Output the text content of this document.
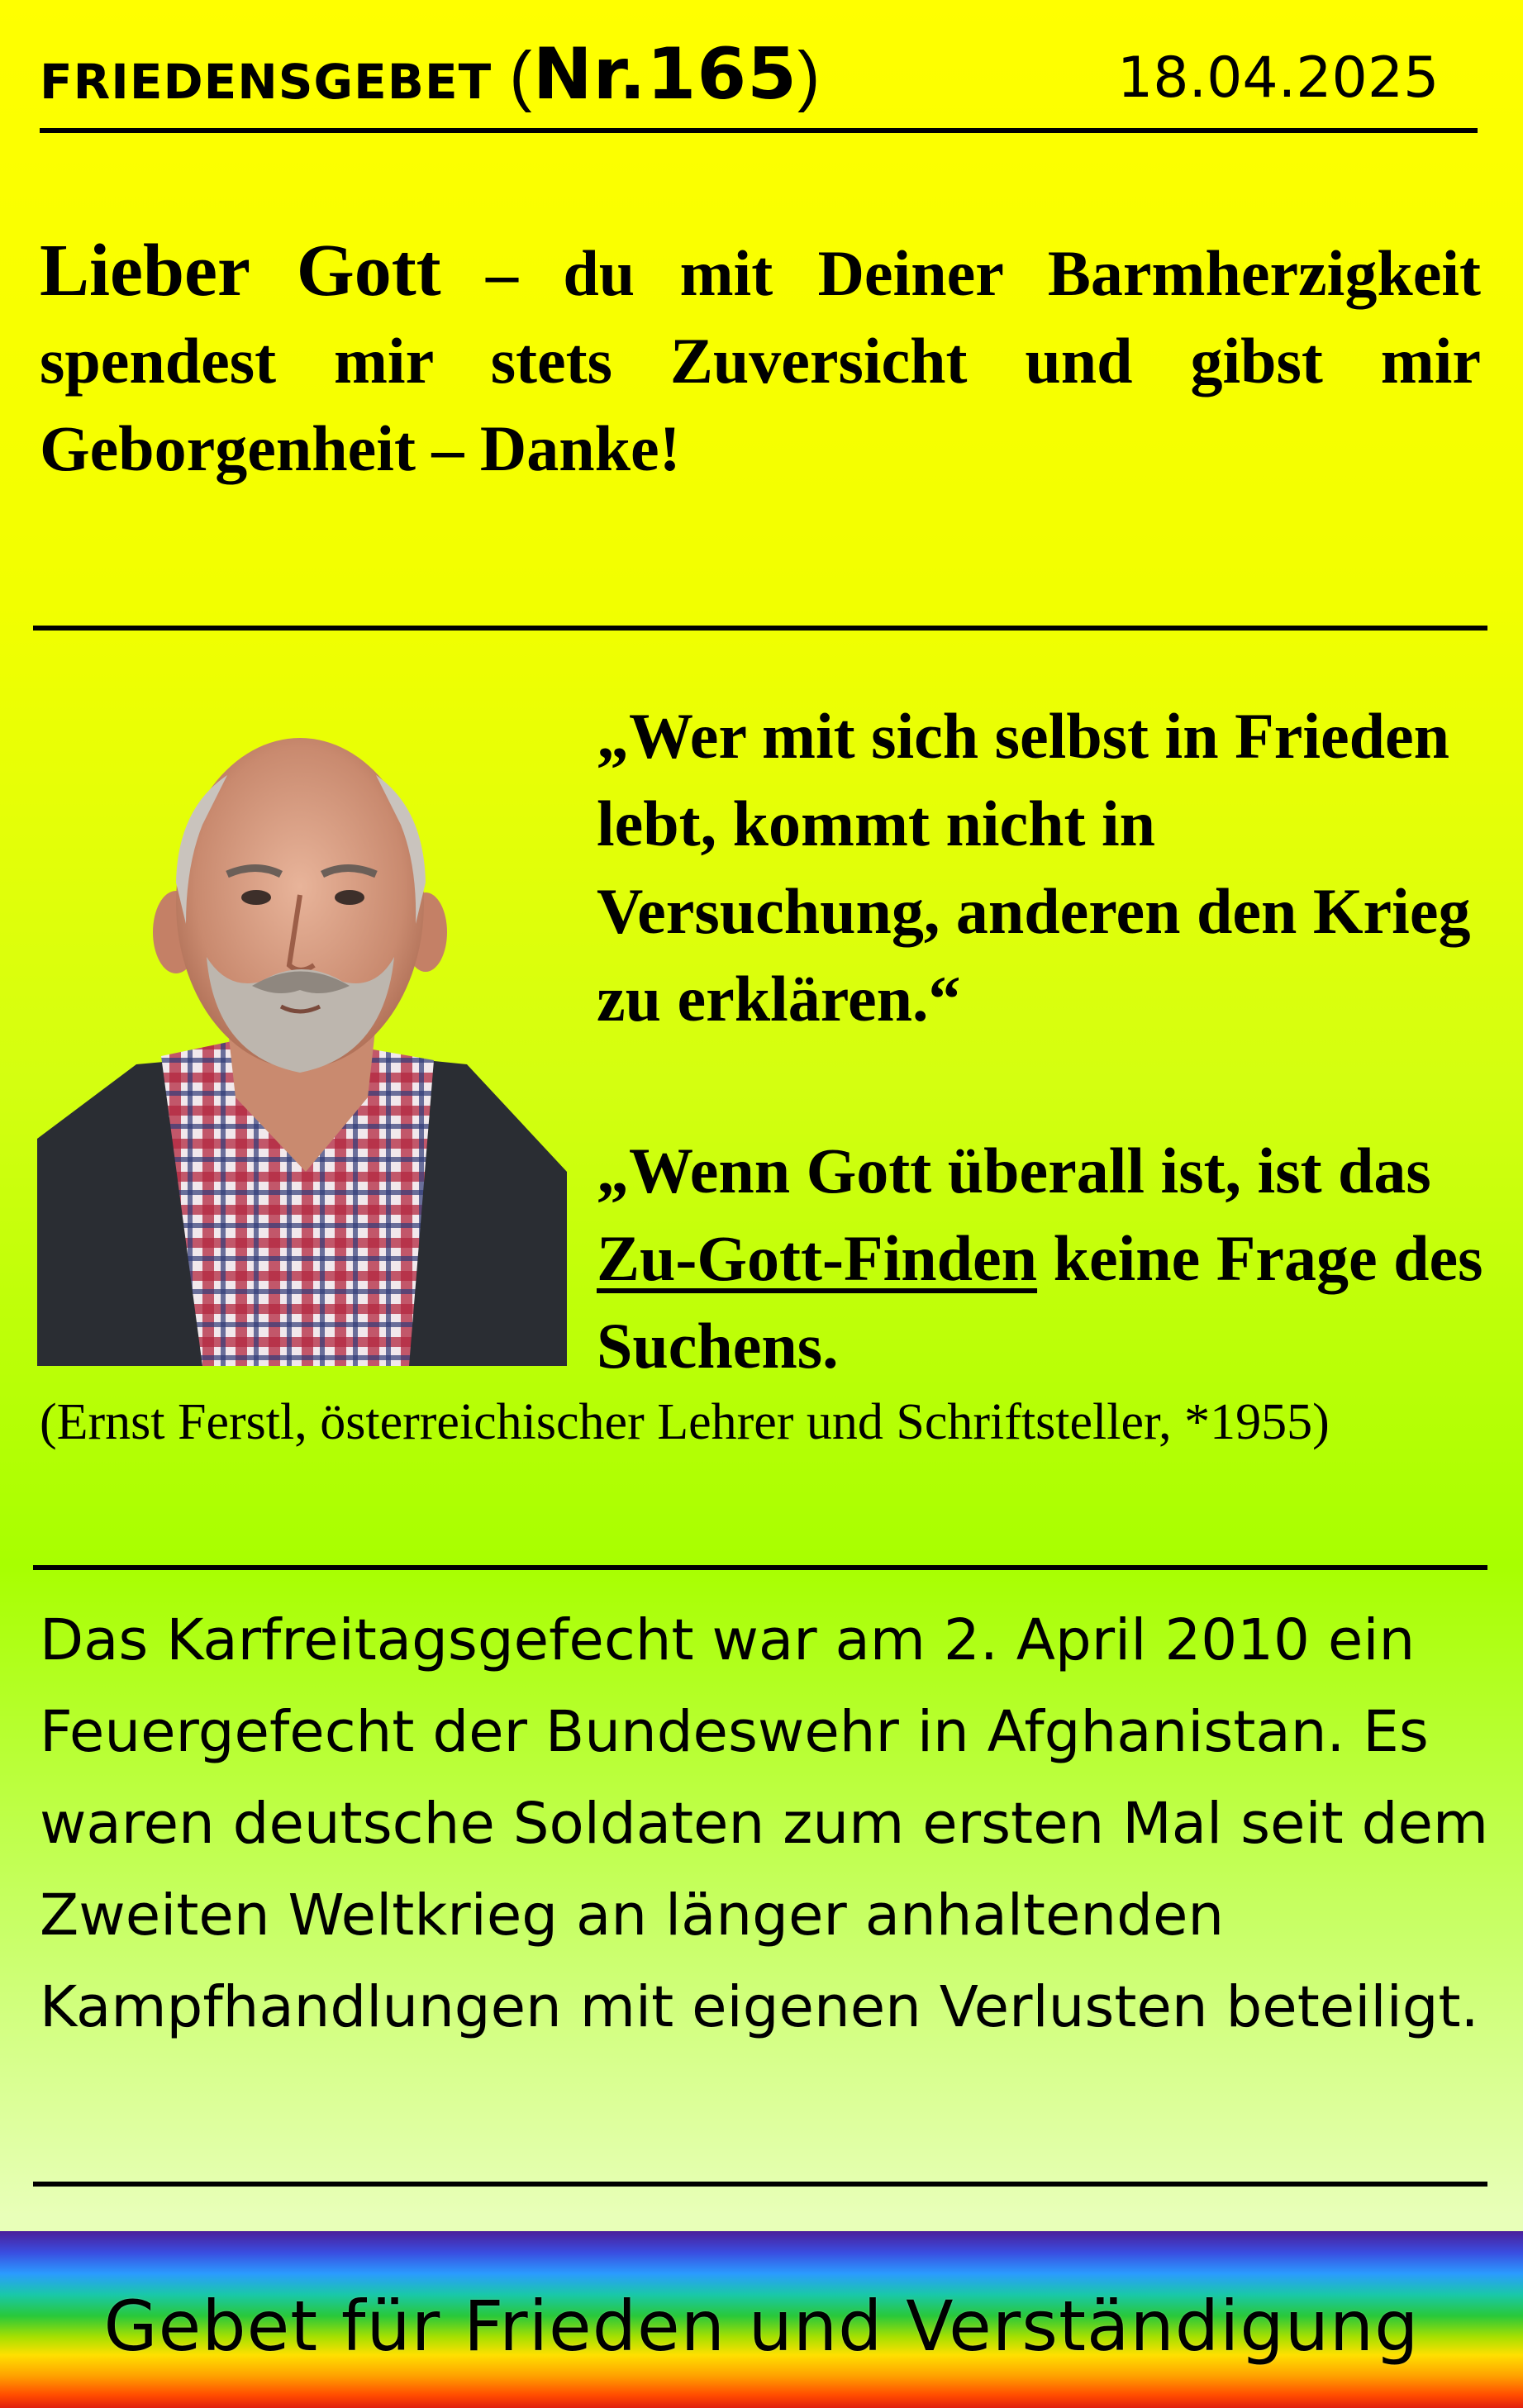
FRIEDENSGEBET (Nr.165)	18.04.2025
Lieber Gott – du mit Deiner Barmherzigkeit spendest mir stets Zuversicht und gibst mir Geborgenheit – Danke!
„Wer mit sich selbst in Frieden lebt, kommt nicht in Versuchung, anderen den Krieg zu erklären.“
„Wenn Gott überall ist, ist das Zu-Gott-Finden keine Frage des Suchens.
(Ernst Ferstl, österreichischer Lehrer und Schriftsteller, *1955)
Das Karfreitagsgefecht war am 2. April 2010 ein Feuergefecht der Bundeswehr in Afghanistan. Es waren deutsche Soldaten zum ersten Mal seit dem Zweiten Weltkrieg an länger anhaltenden Kampfhandlungen mit eigenen Verlusten beteiligt.
Gebet für Frieden und Verständigung
